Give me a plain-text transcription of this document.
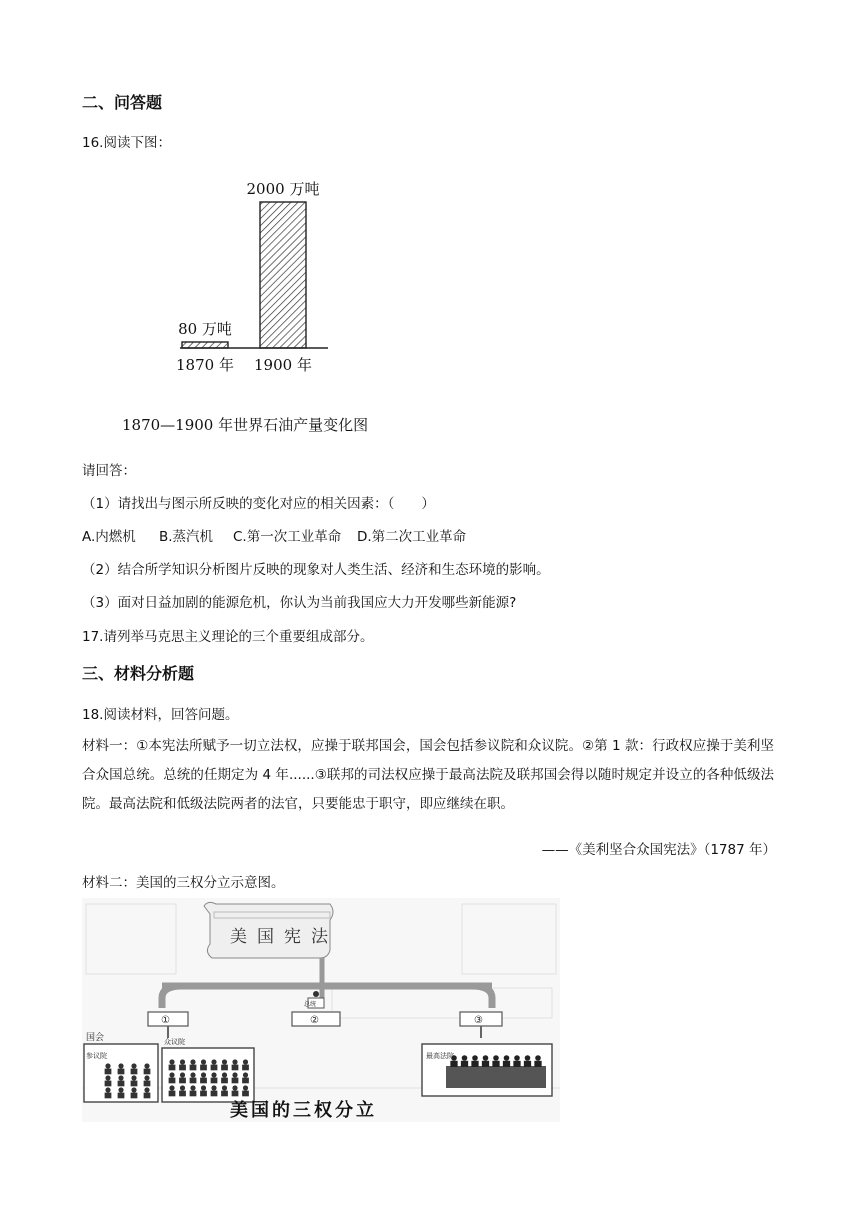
二、问答题
16.阅读下图：
80 万吨
1870 年
2000 万吨
1900 年
1870—1900 年世界石油产量变化图
请回答：
（1）请找出与图示所反映的变化对应的相关因素：（　　）
A.内燃机 B.蒸汽机 C.第一次工业革命 D.第二次工业革命
（2）结合所学知识分析图片反映的现象对人类生活、经济和生态环境的影响。
（3）面对日益加剧的能源危机，你认为当前我国应大力开发哪些新能源?
17.请列举马克思主义理论的三个重要组成部分。
三、材料分析题
18.阅读材料，回答问题。
材料一：①本宪法所赋予一切立法权，应操于联邦国会，国会包括参议院和众议院。②第 1 款：行政权应操于美利坚合众国总统。总统的任期定为 4 年......③联邦的司法权应操于最高法院及联邦国会得以随时规定并设立的各种低级法院。最高法院和低级法院两者的法官，只要能忠于职守，即应继续在职。
——《美利坚合众国宪法》（1787 年）
材料二：美国的三权分立示意图。
美国宪法
①	②	③
国会
参议院
众议院
总统
最高法院
美国的三权分立
